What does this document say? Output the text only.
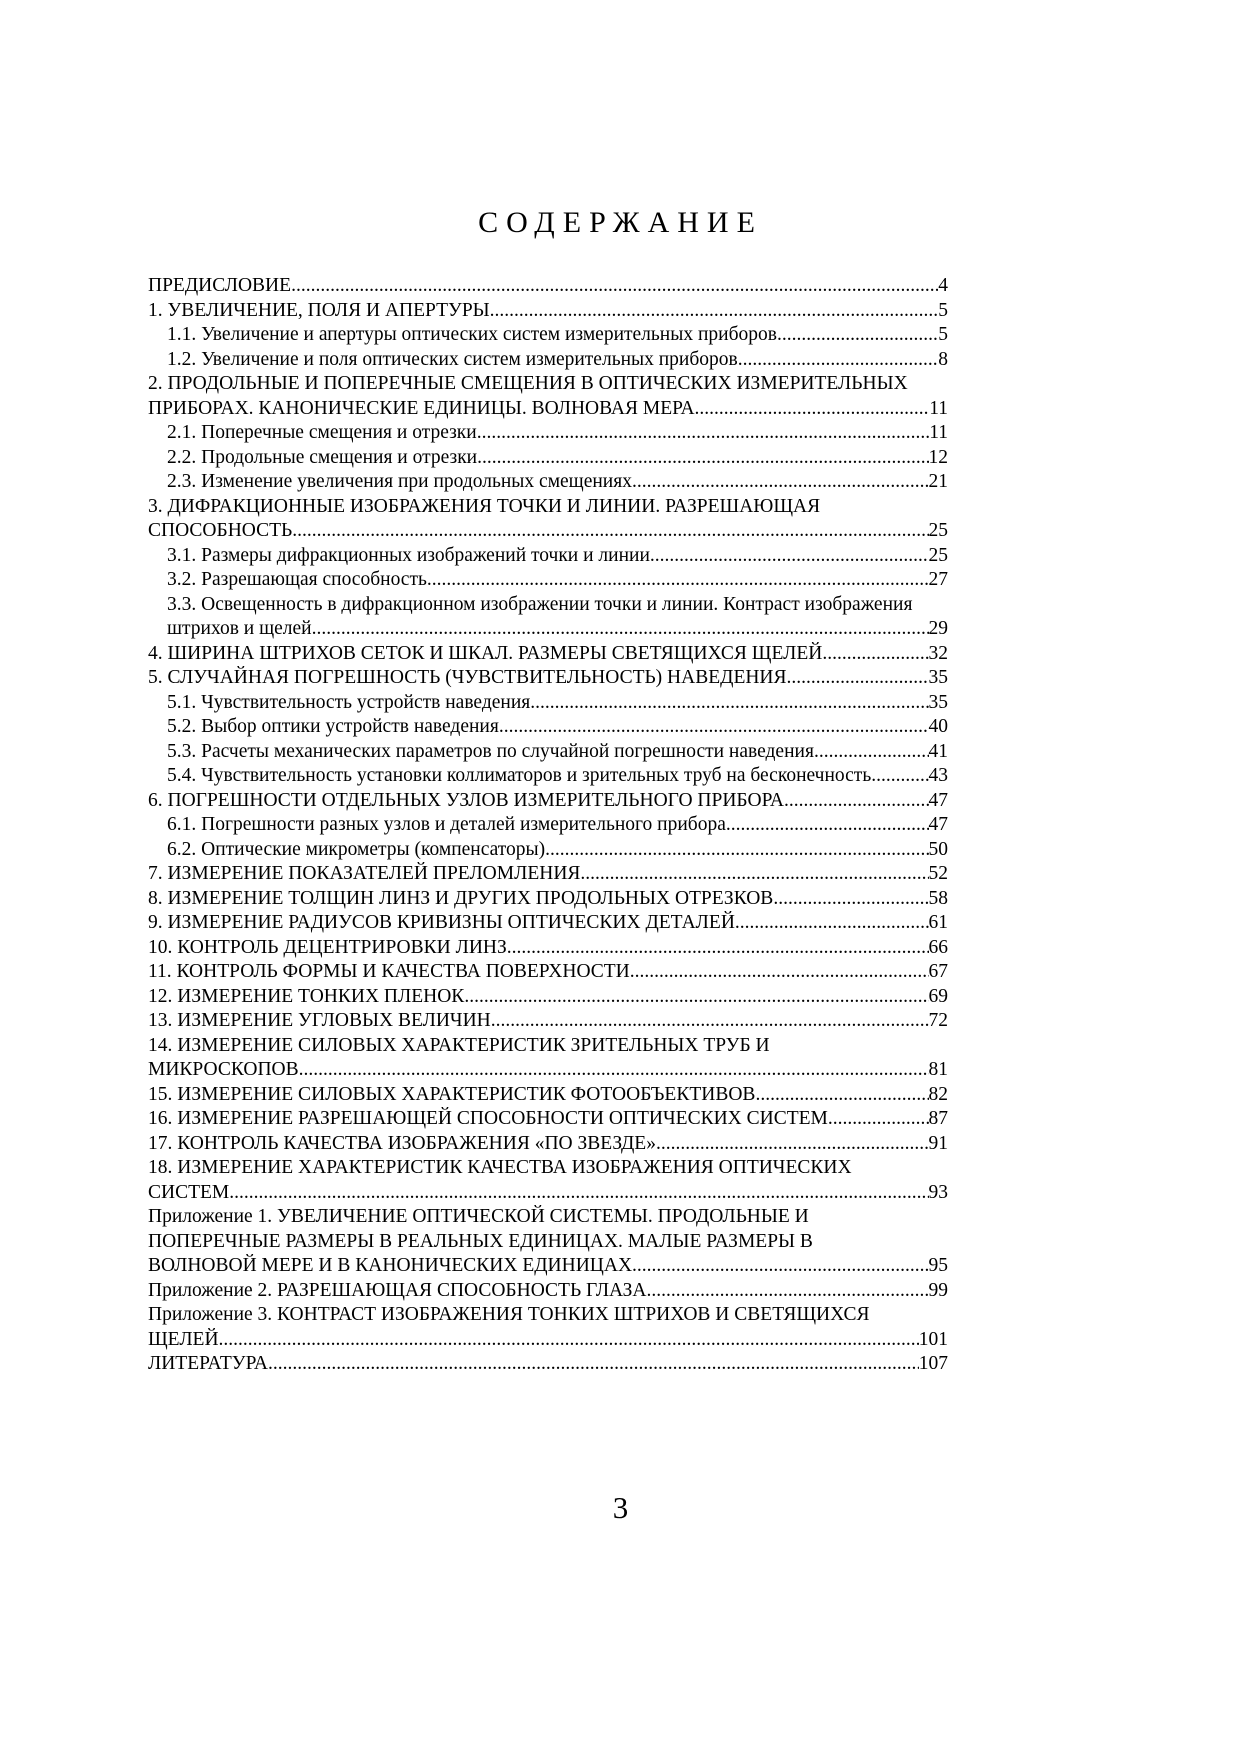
СОДЕРЖАНИЕ
ПРЕДИСЛОВИЕ .....	4
1. УВЕЛИЧЕНИЕ, ПОЛЯ И АПЕРТУРЫ .....	5
1.1. Увеличение и апертуры оптических систем измерительных приборов .....	5
1.2. Увеличение и поля оптических систем измерительных приборов .....	8
2. ПРОДОЛЬНЫЕ И ПОПЕРЕЧНЫЕ СМЕЩЕНИЯ В ОПТИЧЕСКИХ ИЗМЕРИТЕЛЬНЫХ
ПРИБОРАХ. КАНОНИЧЕСКИЕ ЕДИНИЦЫ. ВОЛНОВАЯ МЕРА .....	11
2.1. Поперечные смещения и отрезки .....	11
2.2. Продольные смещения и отрезки .....	12
2.3. Изменение увеличения при продольных смещениях .....	21
3. ДИФРАКЦИОННЫЕ ИЗОБРАЖЕНИЯ ТОЧКИ И ЛИНИИ. РАЗРЕШАЮЩАЯ
СПОСОБНОСТЬ .....	25
3.1. Размеры дифракционных изображений точки и линии .....	25
3.2. Разрешающая способность .....	27
3.3. Освещенность в дифракционном изображении точки и линии. Контраст изображения
штрихов и щелей .....	29
4. ШИРИНА ШТРИХОВ СЕТОК И ШКАЛ. РАЗМЕРЫ СВЕТЯЩИХСЯ ЩЕЛЕЙ .....	32
5. СЛУЧАЙНАЯ ПОГРЕШНОСТЬ (ЧУВСТВИТЕЛЬНОСТЬ) НАВЕДЕНИЯ .....	35
5.1. Чувствительность устройств наведения .....	35
5.2. Выбор оптики устройств наведения .....	40
5.3. Расчеты механических параметров по случайной погрешности наведения .....	41
5.4. Чувствительность установки коллиматоров и зрительных труб на бесконечность .....	43
6. ПОГРЕШНОСТИ ОТДЕЛЬНЫХ УЗЛОВ ИЗМЕРИТЕЛЬНОГО ПРИБОРА .....	47
6.1. Погрешности разных узлов и деталей измерительного прибора .....	47
6.2. Оптические микрометры (компенсаторы) .....	50
7. ИЗМЕРЕНИЕ ПОКАЗАТЕЛЕЙ ПРЕЛОМЛЕНИЯ .....	52
8. ИЗМЕРЕНИЕ ТОЛЩИН ЛИНЗ И ДРУГИХ ПРОДОЛЬНЫХ ОТРЕЗКОВ .....	58
9. ИЗМЕРЕНИЕ РАДИУСОВ КРИВИЗНЫ ОПТИЧЕСКИХ ДЕТАЛЕЙ .....	61
10. КОНТРОЛЬ ДЕЦЕНТРИРОВКИ ЛИНЗ .....	66
11. КОНТРОЛЬ ФОРМЫ И КАЧЕСТВА ПОВЕРХНОСТИ .....	67
12. ИЗМЕРЕНИЕ ТОНКИХ ПЛЕНОК .....	69
13. ИЗМЕРЕНИЕ УГЛОВЫХ ВЕЛИЧИН .....	72
14. ИЗМЕРЕНИЕ СИЛОВЫХ ХАРАКТЕРИСТИК ЗРИТЕЛЬНЫХ ТРУБ И
МИКРОСКОПОВ .....	81
15. ИЗМЕРЕНИЕ СИЛОВЫХ ХАРАКТЕРИСТИК ФОТООБЪЕКТИВОВ .....	82
16. ИЗМЕРЕНИЕ РАЗРЕШАЮЩЕЙ СПОСОБНОСТИ ОПТИЧЕСКИХ СИСТЕМ .....	87
17. КОНТРОЛЬ КАЧЕСТВА ИЗОБРАЖЕНИЯ «ПО ЗВЕЗДЕ» .....	91
18. ИЗМЕРЕНИЕ ХАРАКТЕРИСТИК КАЧЕСТВА ИЗОБРАЖЕНИЯ ОПТИЧЕСКИХ
СИСТЕМ .....	93
Приложение 1. УВЕЛИЧЕНИЕ ОПТИЧЕСКОЙ СИСТЕМЫ. ПРОДОЛЬНЫЕ И
ПОПЕРЕЧНЫЕ РАЗМЕРЫ В РЕАЛЬНЫХ ЕДИНИЦАХ. МАЛЫЕ РАЗМЕРЫ В
ВОЛНОВОЙ МЕРЕ И В КАНОНИЧЕСКИХ ЕДИНИЦАХ .....	95
Приложение 2. РАЗРЕШАЮЩАЯ СПОСОБНОСТЬ ГЛАЗА .....	99
Приложение 3. КОНТРАСТ ИЗОБРАЖЕНИЯ ТОНКИХ ШТРИХОВ И СВЕТЯЩИХСЯ
ЩЕЛЕЙ .....	101
ЛИТЕРАТУРА .....	107
3
